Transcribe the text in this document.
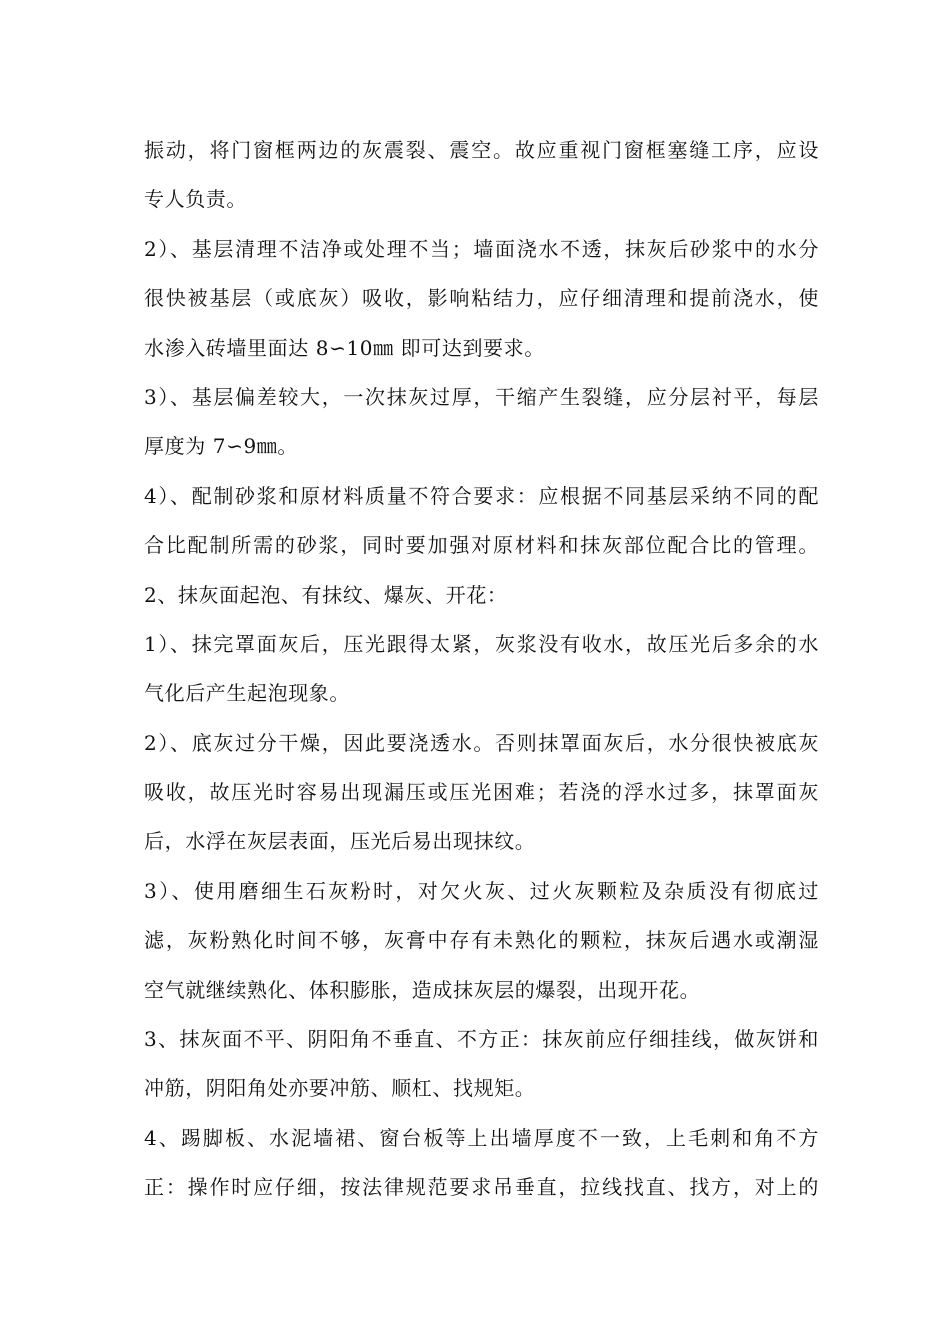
振动，将门窗框两边的灰震裂、震空。故应重视门窗框塞缝工序，应设
专人负责。
2）、基层清理不洁净或处理不当；墙面浇水不透，抹灰后砂浆中的水分
很快被基层（或底灰）吸收，影响粘结力，应仔细清理和提前浇水，使
水渗入砖墙里面达 8∽10㎜ 即可达到要求。
3）、基层偏差较大，一次抹灰过厚，干缩产生裂缝，应分层衬平，每层
厚度为 7∽9㎜。
4）、配制砂浆和原材料质量不符合要求：应根据不同基层采纳不同的配
合比配制所需的砂浆，同时要加强对原材料和抹灰部位配合比的管理。
2、抹灰面起泡、有抹纹、爆灰、开花：
1）、抹完罩面灰后，压光跟得太紧，灰浆没有收水，故压光后多余的水
气化后产生起泡现象。
2）、底灰过分干燥，因此要浇透水。否则抹罩面灰后，水分很快被底灰
吸收，故压光时容易出现漏压或压光困难；若浇的浮水过多，抹罩面灰
后，水浮在灰层表面，压光后易出现抹纹。
3）、使用磨细生石灰粉时，对欠火灰、过火灰颗粒及杂质没有彻底过
滤，灰粉熟化时间不够，灰膏中存有未熟化的颗粒，抹灰后遇水或潮湿
空气就继续熟化、体积膨胀，造成抹灰层的爆裂，出现开花。
3、抹灰面不平、阴阳角不垂直、不方正：抹灰前应仔细挂线，做灰饼和
冲筋，阴阳角处亦要冲筋、顺杠、找规矩。
4、踢脚板、水泥墙裙、窗台板等上出墙厚度不一致，上毛刺和角不方
正：操作时应仔细，按法律规范要求吊垂直，拉线找直、找方，对上的
